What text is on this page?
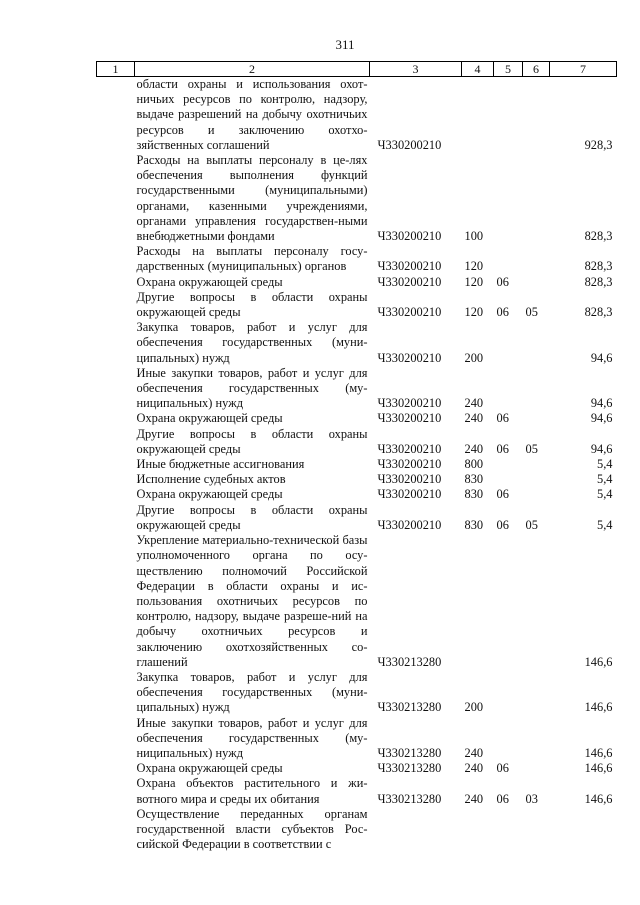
311
1	2	3	4	5	6	7
	области охраны и использования охот-ничьих ресурсов по контролю, надзору, выдаче разрешений на добычу охотничьих ресурсов и заключению охотхо-зяйственных соглашений	Ч330200210				928,3
	Расходы на выплаты персоналу в це-лях обеспечения выполнения функций государственными (муниципальными) органами, казенными учреждениями, органами управления государствен-ными внебюджетными фондами	Ч330200210	100			828,3
	Расходы на выплаты персоналу госу-дарственных (муниципальных) органов	Ч330200210	120			828,3
	Охрана окружающей среды	Ч330200210	120	06		828,3
	Другие вопросы в области охраны окружающей среды	Ч330200210	120	06	05	828,3
	Закупка товаров, работ и услуг для обеспечения государственных (муни-ципальных) нужд	Ч330200210	200			94,6
	Иные закупки товаров, работ и услуг для обеспечения государственных (му-ниципальных) нужд	Ч330200210	240			94,6
	Охрана окружающей среды	Ч330200210	240	06		94,6
	Другие вопросы в области охраны окружающей среды	Ч330200210	240	06	05	94,6
	Иные бюджетные ассигнования	Ч330200210	800			5,4
	Исполнение судебных актов	Ч330200210	830			5,4
	Охрана окружающей среды	Ч330200210	830	06		5,4
	Другие вопросы в области охраны окружающей среды	Ч330200210	830	06	05	5,4
	Укрепление материально-технической базы уполномоченного органа по осу-ществлению полномочий Российской Федерации в области охраны и ис-пользования охотничьих ресурсов по контролю, надзору, выдаче разреше-ний на добычу охотничьих ресурсов и заключению охотхозяйственных со-глашений	Ч330213280				146,6
	Закупка товаров, работ и услуг для обеспечения государственных (муни-ципальных) нужд	Ч330213280	200			146,6
	Иные закупки товаров, работ и услуг для обеспечения государственных (му-ниципальных) нужд	Ч330213280	240			146,6
	Охрана окружающей среды	Ч330213280	240	06		146,6
	Охрана объектов растительного и жи-вотного мира и среды их обитания	Ч330213280	240	06	03	146,6
	Осуществление переданных органам государственной власти субъектов Рос-сийской Федерации в соответствии с					
